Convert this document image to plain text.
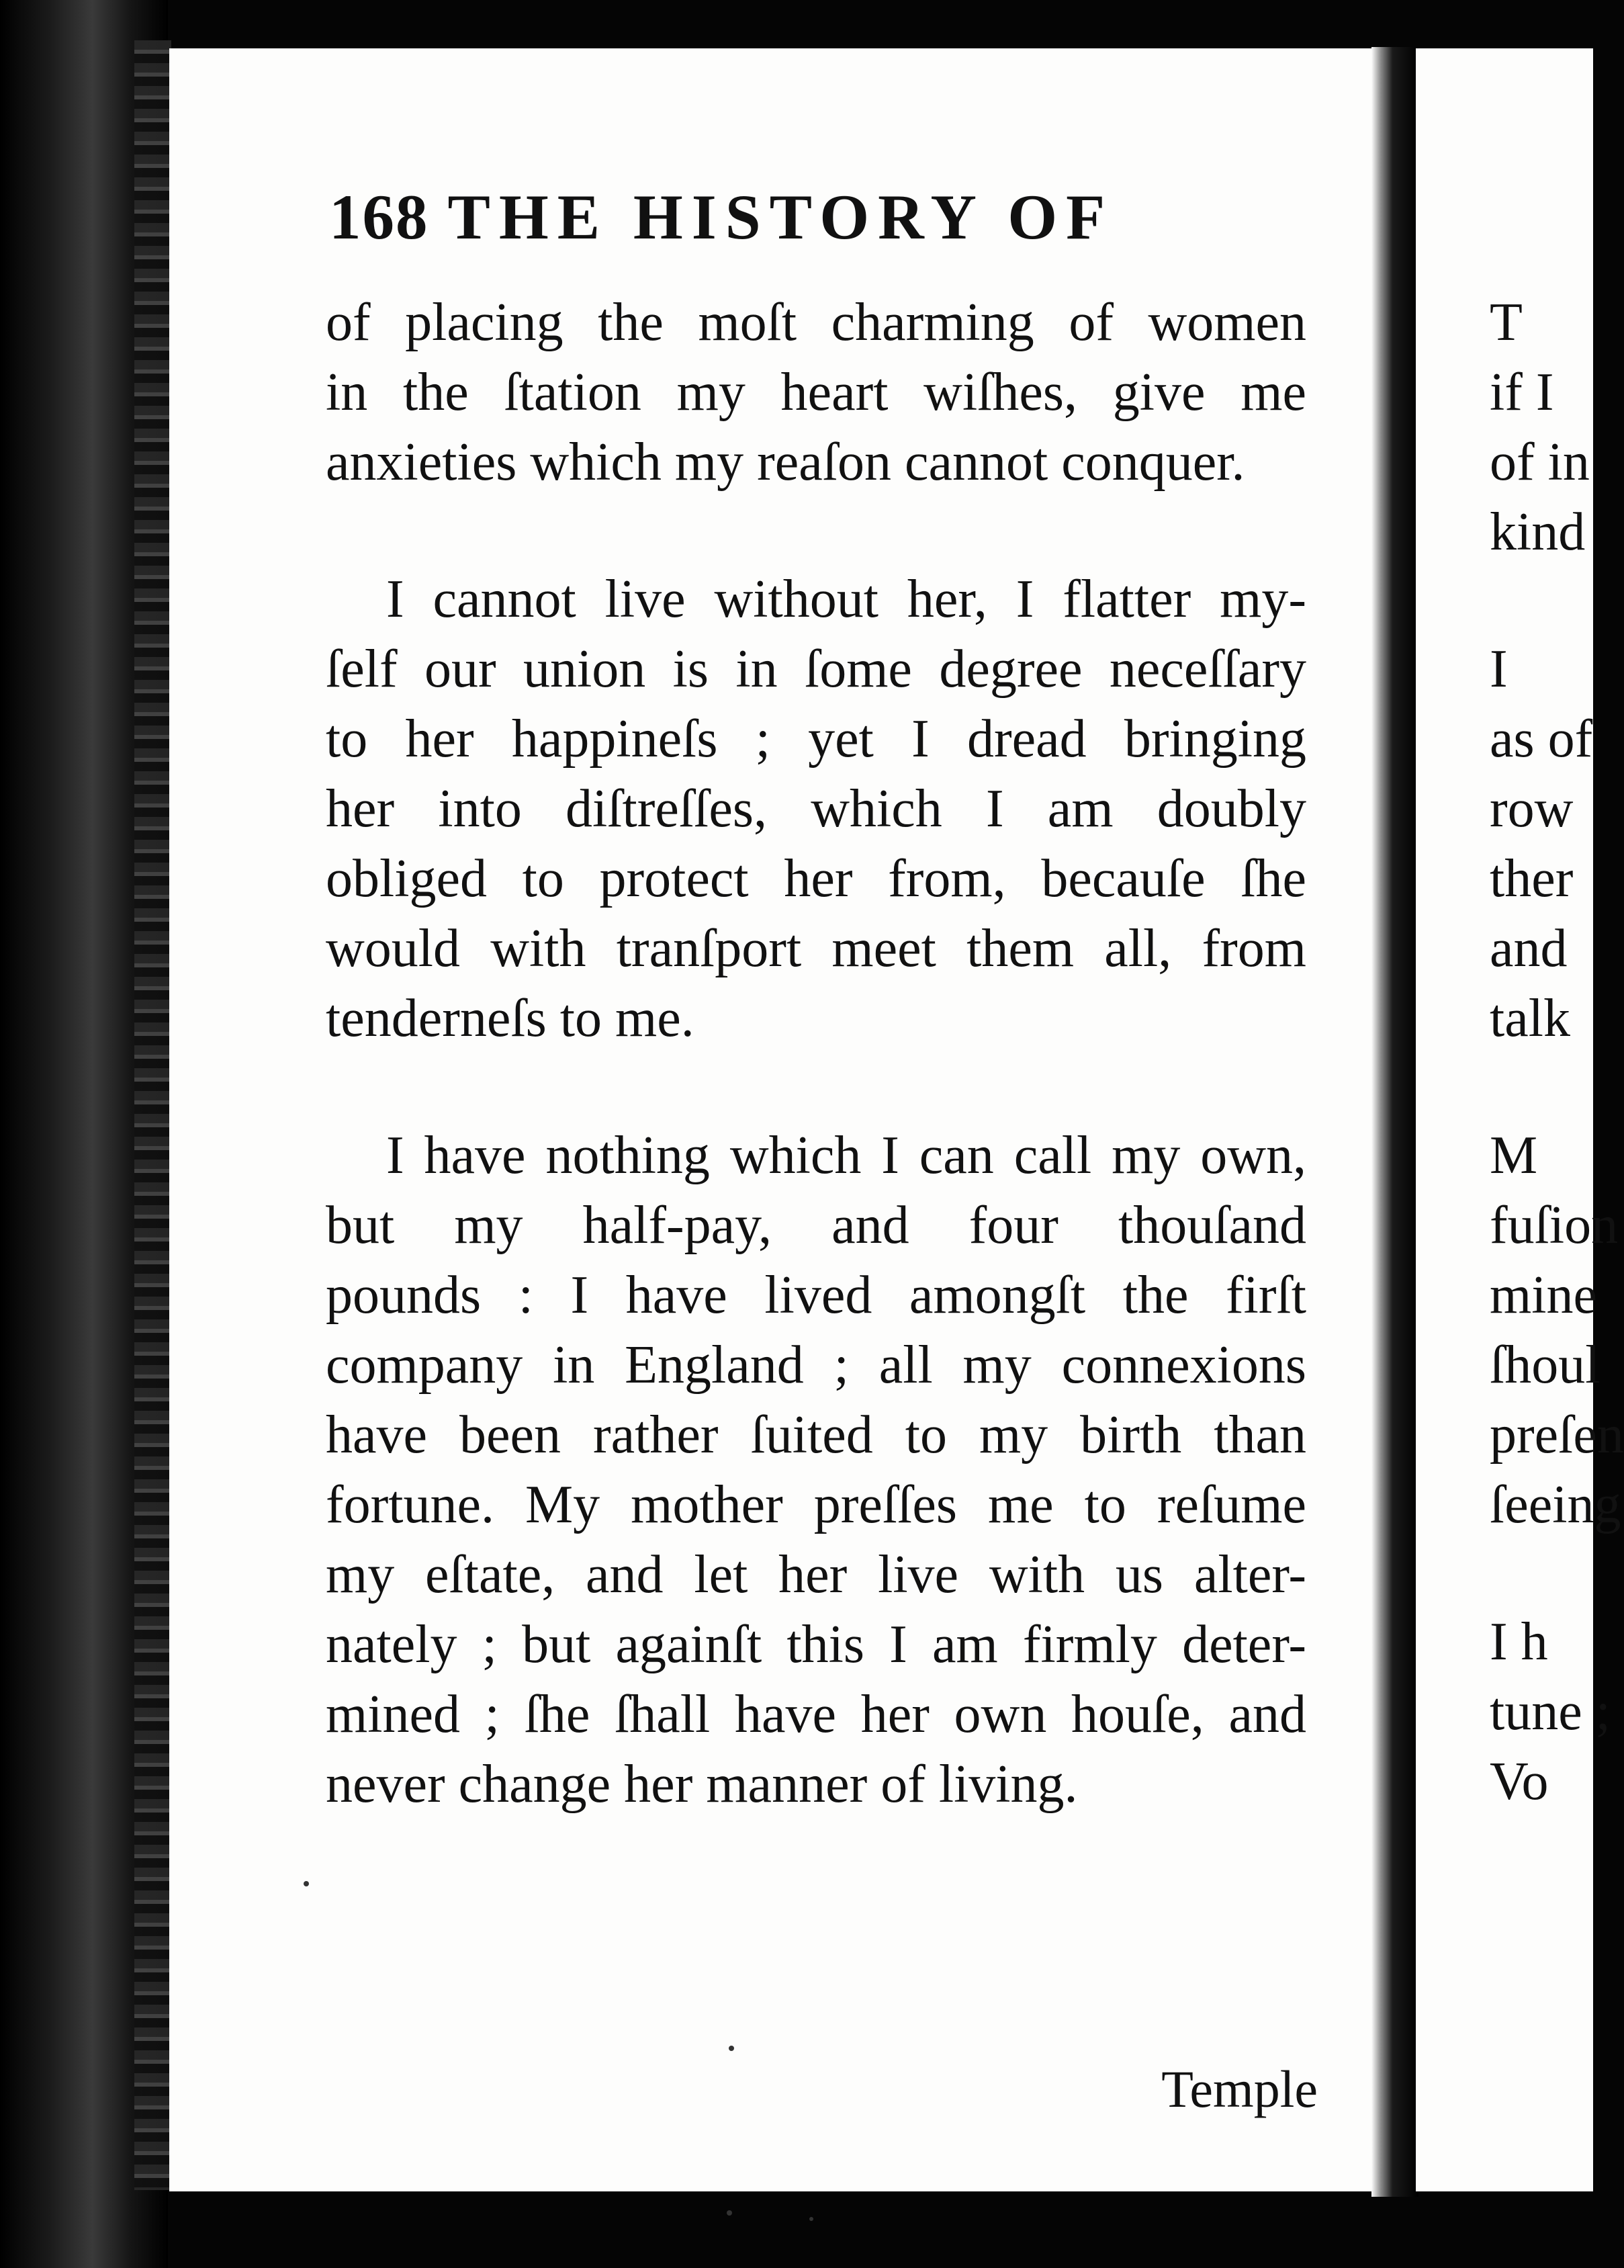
168 THE HISTORY OF

of placing the moſt charming of women
in the ſtation my heart wiſhes, give me
anxieties which my reaſon cannot conquer.

I cannot live without her, I flatter my-
ſelf our union is in ſome degree neceſſary
to her happineſs ; yet I dread bringing
her into diſtreſſes, which I am doubly
obliged to protect her from, becauſe ſhe
would with tranſport meet them all, from
tenderneſs to me.

I have nothing which I can call my own,
but my half-pay, and four thouſand
pounds : I have lived amongſt the firſt
company in England ; all my connexions
have been rather ſuited to my birth than
fortune. My mother preſſes me to reſume
my eſtate, and let her live with us alter-
nately ; but againſt this I am firmly deter-
mined ; ſhe ſhall have her own houſe, and
never change her manner of living.

Temple

T
if I
of in
kind
I
as of
row
ther
and
talk
M
fuſion
mine
ſhoul
preſen
ſeeing
I h
tune ;
Vo
